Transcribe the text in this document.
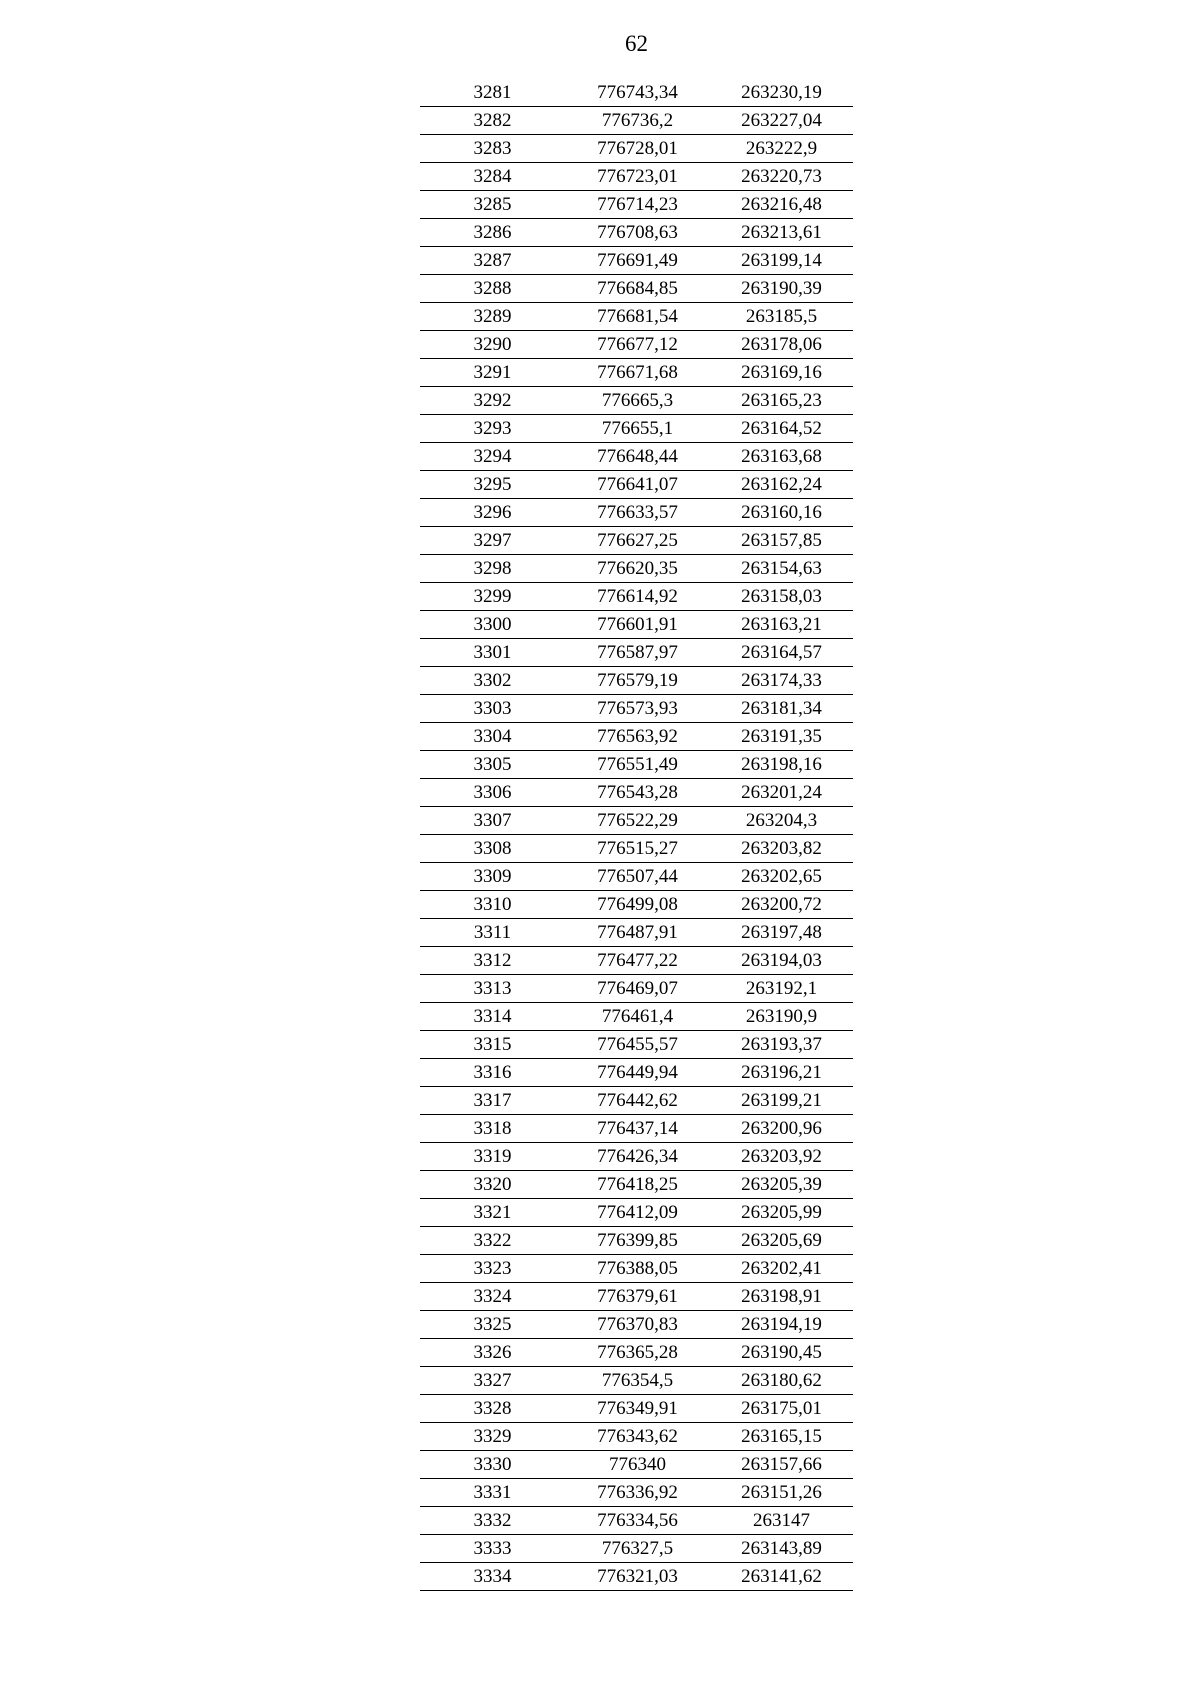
62
3281	776743,34	263230,19
3282	776736,2	263227,04
3283	776728,01	263222,9
3284	776723,01	263220,73
3285	776714,23	263216,48
3286	776708,63	263213,61
3287	776691,49	263199,14
3288	776684,85	263190,39
3289	776681,54	263185,5
3290	776677,12	263178,06
3291	776671,68	263169,16
3292	776665,3	263165,23
3293	776655,1	263164,52
3294	776648,44	263163,68
3295	776641,07	263162,24
3296	776633,57	263160,16
3297	776627,25	263157,85
3298	776620,35	263154,63
3299	776614,92	263158,03
3300	776601,91	263163,21
3301	776587,97	263164,57
3302	776579,19	263174,33
3303	776573,93	263181,34
3304	776563,92	263191,35
3305	776551,49	263198,16
3306	776543,28	263201,24
3307	776522,29	263204,3
3308	776515,27	263203,82
3309	776507,44	263202,65
3310	776499,08	263200,72
3311	776487,91	263197,48
3312	776477,22	263194,03
3313	776469,07	263192,1
3314	776461,4	263190,9
3315	776455,57	263193,37
3316	776449,94	263196,21
3317	776442,62	263199,21
3318	776437,14	263200,96
3319	776426,34	263203,92
3320	776418,25	263205,39
3321	776412,09	263205,99
3322	776399,85	263205,69
3323	776388,05	263202,41
3324	776379,61	263198,91
3325	776370,83	263194,19
3326	776365,28	263190,45
3327	776354,5	263180,62
3328	776349,91	263175,01
3329	776343,62	263165,15
3330	776340	263157,66
3331	776336,92	263151,26
3332	776334,56	263147
3333	776327,5	263143,89
3334	776321,03	263141,62
